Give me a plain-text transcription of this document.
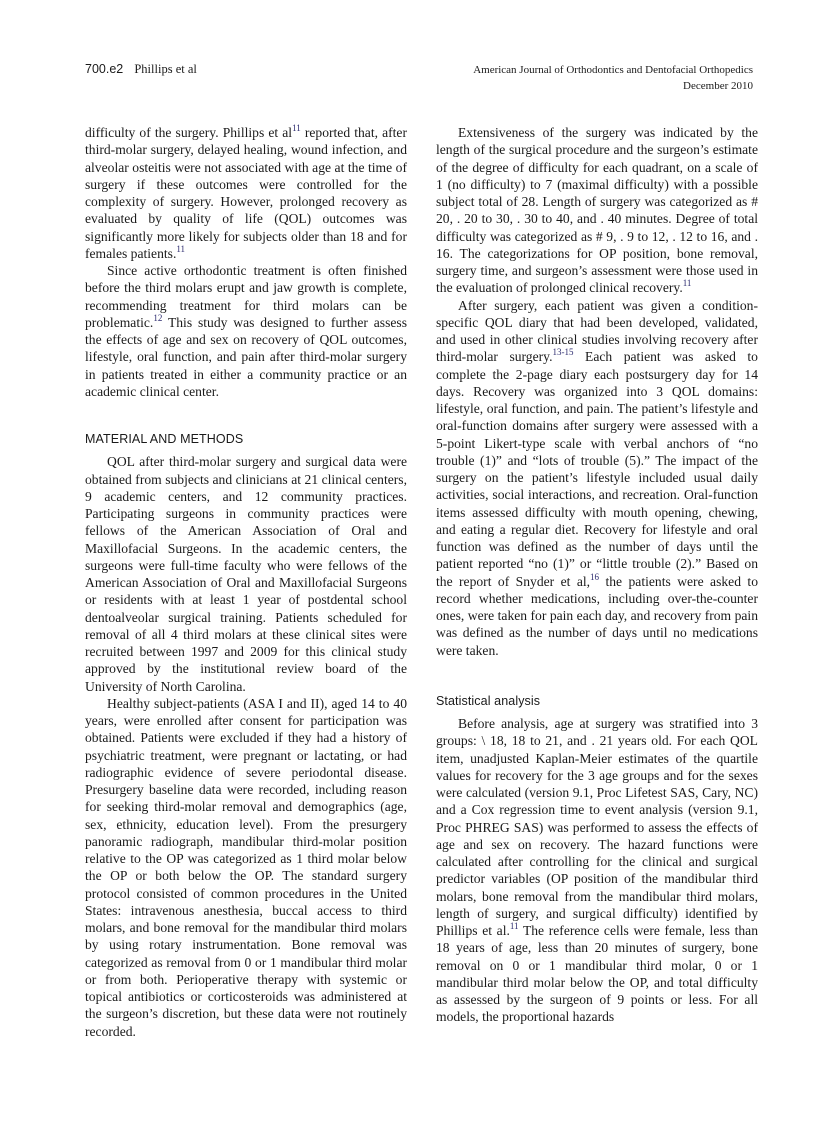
700.e2 Phillips et al	American Journal of Orthodontics and Dentofacial Orthopedics
December 2010

difficulty of the surgery. Phillips et $al^{11}$ reported that, after third-molar surgery, delayed healing, wound infection, and alveolar osteitis were not associated with age at the time of surgery if these outcomes were controlled for the complexity of surgery. However, prolonged recovery as evaluated by quality of life (QOL) outcomes was significantly more likely for subjects older than 18 and for females patients.$^{11}$

Since active orthodontic treatment is often finished before the third molars erupt and jaw growth is complete, recommending treatment for third molars can be problematic.$^{12}$ This study was designed to further assess the effects of age and sex on recovery of QOL outcomes, lifestyle, oral function, and pain after third-molar surgery in patients treated in either a community practice or an academic clinical center.

MATERIAL AND METHODS

QOL after third-molar surgery and surgical data were obtained from subjects and clinicians at 21 clinical centers, 9 academic centers, and 12 community practices. Participating surgeons in community practices were fellows of the American Association of Oral and Maxillofacial Surgeons. In the academic centers, the surgeons were full-time faculty who were fellows of the American Association of Oral and Maxillofacial Surgeons or residents with at least 1 year of postdental school dentoalveolar surgical training. Patients scheduled for removal of all 4 third molars at these clinical sites were recruited between 1997 and 2009 for this clinical study approved by the institutional review board of the University of North Carolina.

Healthy subject-patients (ASA I and II), aged 14 to 40 years, were enrolled after consent for participation was obtained. Patients were excluded if they had a history of psychiatric treatment, were pregnant or lactating, or had radiographic evidence of severe periodontal disease. Presurgery baseline data were recorded, including reason for seeking third-molar removal and demographics (age, sex, ethnicity, education level). From the presurgery panoramic radiograph, mandibular third-molar position relative to the OP was categorized as 1 third molar below the OP or both below the OP. The standard surgery protocol consisted of common procedures in the United States: intravenous anesthesia, buccal access to third molars, and bone removal for the mandibular third molars by using rotary instrumentation. Bone removal was categorized as removal from 0 or 1 mandibular third molar or from both. Perioperative therapy with systemic or topical antibiotics or corticosteroids was administered at the surgeon’s discretion, but these data were not routinely recorded.

Extensiveness of the surgery was indicated by the length of the surgical procedure and the surgeon’s estimate of the degree of difficulty for each quadrant, on a scale of 1 (no difficulty) to 7 (maximal difficulty) with a possible subject total of 28. Length of surgery was categorized as # 20, . 20 to 30, . 30 to 40, and . 40 minutes. Degree of total difficulty was categorized as # 9, . 9 to 12, . 12 to 16, and . 16. The categorizations for OP position, bone removal, surgery time, and surgeon’s assessment were those used in the evaluation of prolonged clinical recovery.$^{11}$

After surgery, each patient was given a condition-specific QOL diary that had been developed, validated, and used in other clinical studies involving recovery after third-molar surgery.$^{13-15}$ Each patient was asked to complete the 2-page diary each postsurgery day for 14 days. Recovery was organized into 3 QOL domains: lifestyle, oral function, and pain. The patient’s lifestyle and oral-function domains after surgery were assessed with a 5-point Likert-type scale with verbal anchors of “no trouble (1)” and “lots of trouble (5).” The impact of the surgery on the patient’s lifestyle included usual daily activities, social interactions, and recreation. Oral-function items assessed difficulty with mouth opening, chewing, and eating a regular diet. Recovery for lifestyle and oral function was defined as the number of days until the patient reported “no (1)” or “little trouble (2).” Based on the report of Snyder et al,$^{16}$ the patients were asked to record whether medications, including over-the-counter ones, were taken for pain each day, and recovery from pain was defined as the number of days until no medications were taken.

Statistical analysis

Before analysis, age at surgery was stratified into 3 groups: \ 18, 18 to 21, and . 21 years old. For each QOL item, unadjusted Kaplan-Meier estimates of the quartile values for recovery for the 3 age groups and for the sexes were calculated (version 9.1, Proc Lifetest SAS, Cary, NC) and a Cox regression time to event analysis (version 9.1, Proc PHREG SAS) was performed to assess the effects of age and sex on recovery. The hazard functions were calculated after controlling for the clinical and surgical predictor variables (OP position of the mandibular third molars, bone removal from the mandibular third molars, length of surgery, and surgical difficulty) identified by Phillips et al.$^{11}$ The reference cells were female, less than 18 years of age, less than 20 minutes of surgery, bone removal on 0 or 1 mandibular third molar, 0 or 1 mandibular third molar below the OP, and total difficulty as assessed by the surgeon of 9 points or less. For all models, the proportional hazards
